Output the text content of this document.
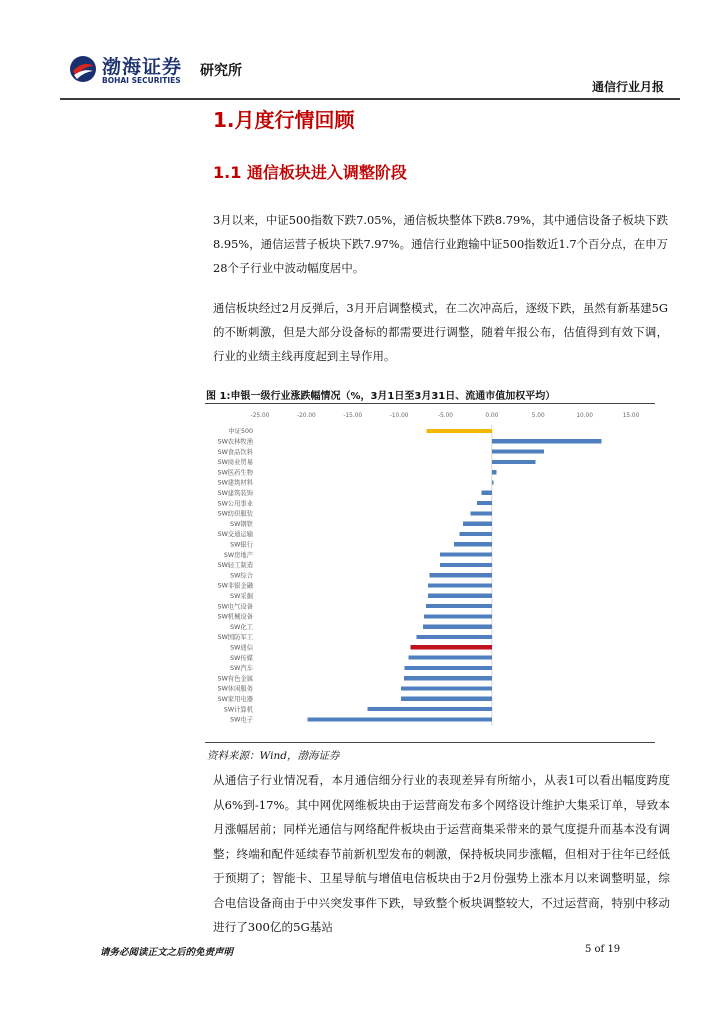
渤海证券
BOHAI SECURITIES
研究所
通信行业月报
1.月度行情回顾
1.1 通信板块进入调整阶段
3月以来，中证500指数下跌7.05%，通信板块整体下跌8.79%，其中通信设备子板块下跌8.95%，通信运营子板块下跌7.97%。通信行业跑输中证500指数近1.7个百分点，在申万28个子行业中波动幅度居中。
通信板块经过2月反弹后，3月开启调整模式，在二次冲高后，逐级下跌，虽然有新基建5G的不断刺激，但是大部分设备标的都需要进行调整，随着年报公布，估值得到有效下调，行业的业绩主线再度起到主导作用。
图 1:申银一级行业涨跌幅情况（%，3月1日至3月31日、流通市值加权平均）
-25.00	-20.00	-15.00	-10.00	-5.00	0.00	5.00	10.00	15.00
中证500
SW农林牧渔
SW食品饮料
SW商业贸易
SW医药生物
SW建筑材料
SW建筑装饰
SW公用事业
SW纺织服装
SW钢铁
SW交通运输
SW银行
SW房地产
SW轻工制造
SW综合
SW非银金融
SW采掘
SW电气设备
SW机械设备
SW化工
SW国防军工
SW通信
SW传媒
SW汽车
SW有色金属
SW休闲服务
SW家用电器
SW计算机
SW电子
资料来源：Wind，渤海证券
从通信子行业情况看，本月通信细分行业的表现差异有所缩小，从表1可以看出幅度跨度从6%到-17%。其中网优网维板块由于运营商发布多个网络设计维护大集采订单，导致本月涨幅居前；同样光通信与网络配件板块由于运营商集采带来的景气度提升而基本没有调整；终端和配件延续春节前新机型发布的刺激，保持板块同步涨幅，但相对于往年已经低于预期了；智能卡、卫星导航与增值电信板块由于2月份强势上涨本月以来调整明显，综合电信设备商由于中兴突发事件下跌，导致整个板块调整较大，不过运营商，特别中移动进行了300亿的5G基站
请务必阅读正文之后的免责声明	5 of 19
